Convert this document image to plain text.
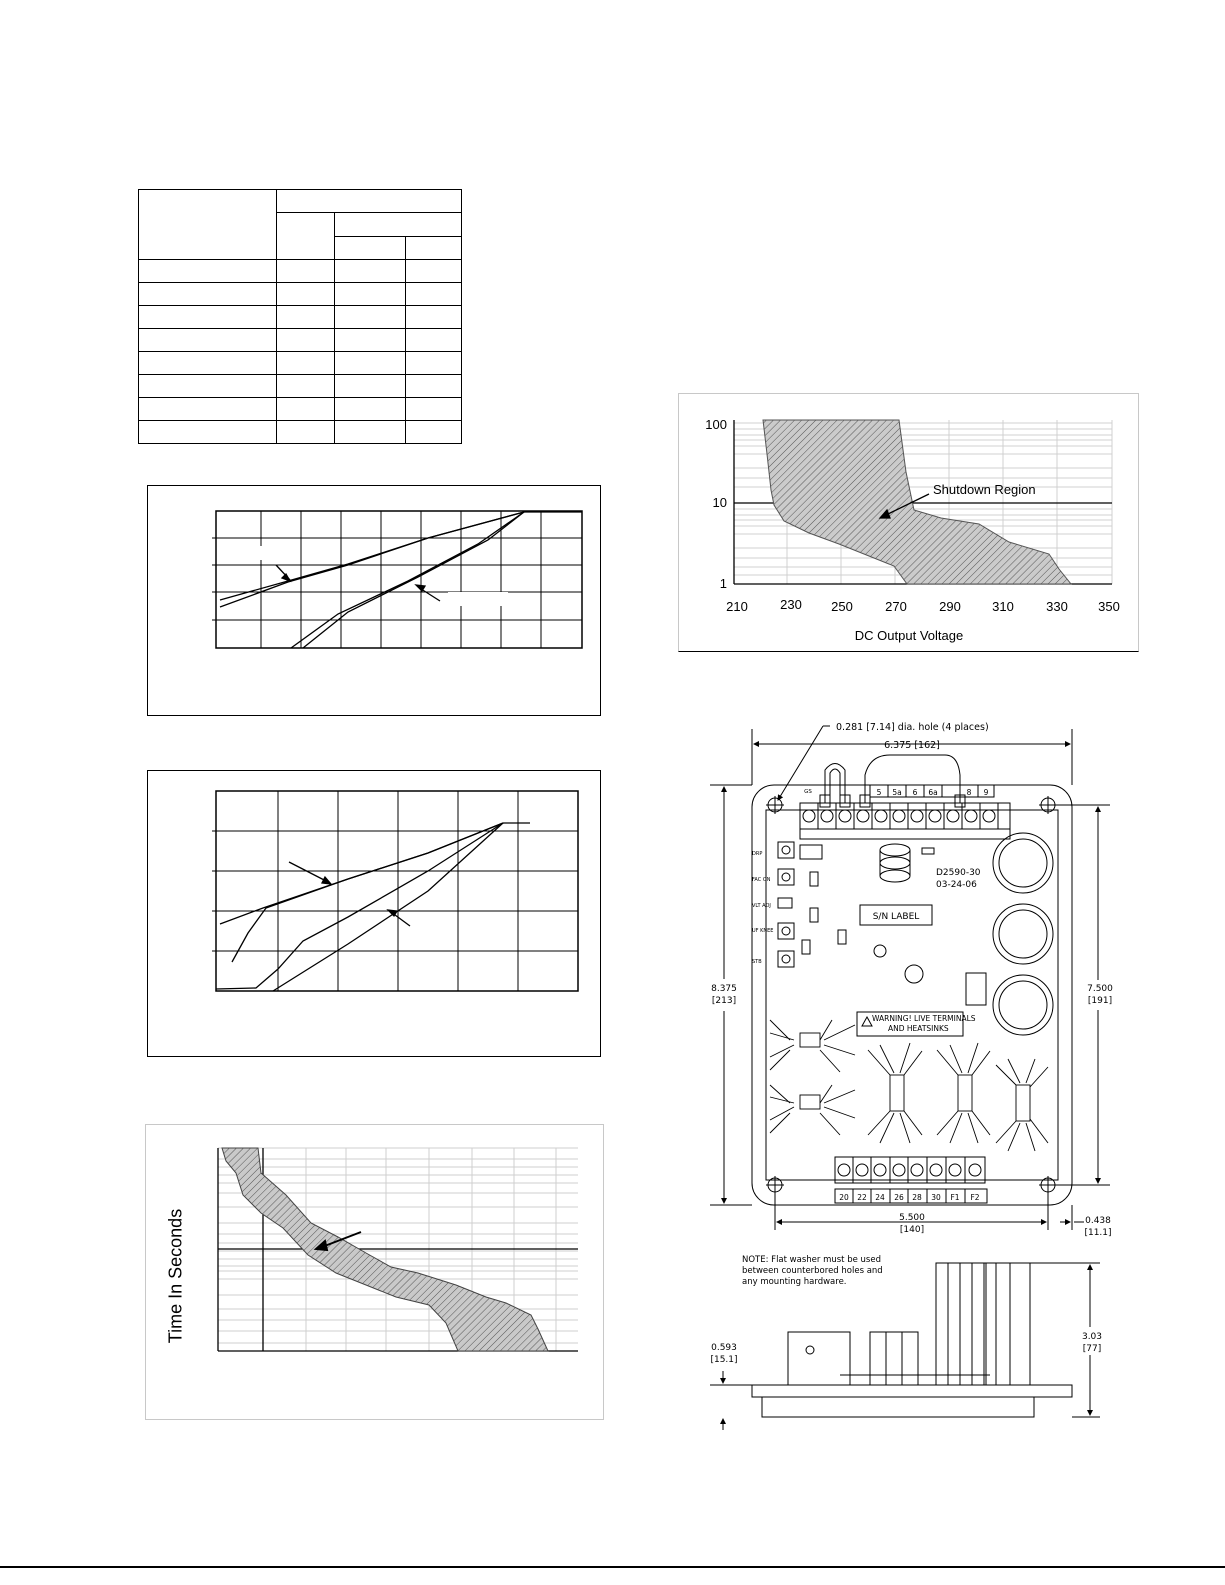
Time In Seconds
Shutdown Region
100
10
1
210 230 250 270 290 310 330 350
DC Output Voltage
0.281 [7.14] dia. hole (4 places)
6.375 [162]
8.375
[213]
7.500
[191]
5.500
[140]
0.438
[11.1]
D2590-30
03-24-06
S/N LABEL
WARNING! LIVE TERMINALS
AND HEATSINKS
5 5a 6 6a	8 9
GS
20 22 24 26 28 30 F1 F2
DRP
FAC ON
VLT ADJ
UF KNEE
STB
NOTE: Flat washer must be used
between counterbored holes and
any mounting hardware.
0.593
[15.1]
3.03
[77]
